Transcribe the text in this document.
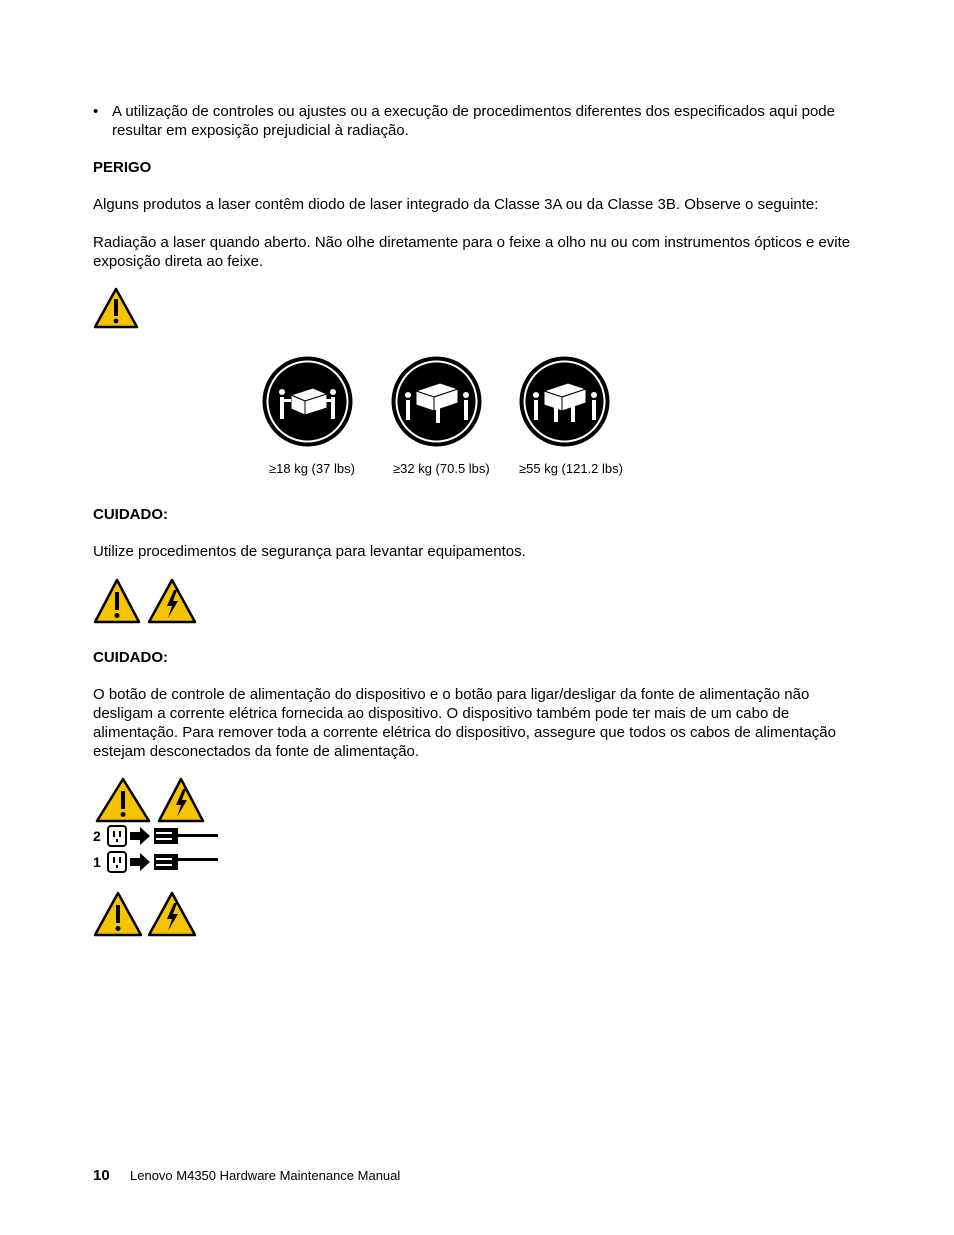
• A utilização de controles ou ajustes ou a execução de procedimentos diferentes dos especificados aqui pode resultar em exposição prejudicial à radiação.
PERIGO
Alguns produtos a laser contêm diodo de laser integrado da Classe 3A ou da Classe 3B. Observe o seguinte:
Radiação a laser quando aberto. Não olhe diretamente para o feixe a olho nu ou com instrumentos ópticos e evite exposição direta ao feixe.
≥18 kg (37 lbs)	≥32 kg (70.5 lbs) ≥55 kg (121.2 lbs)
CUIDADO:
Utilize procedimentos de segurança para levantar equipamentos.
CUIDADO:
O botão de controle de alimentação do dispositivo e o botão para ligar/desligar da fonte de alimentação não desligam a corrente elétrica fornecida ao dispositivo. O dispositivo também pode ter mais de um cabo de alimentação. Para remover toda a corrente elétrica do dispositivo, assegure que todos os cabos de alimentação estejam desconectados da fonte de alimentação.
2
1
10 Lenovo M4350 Hardware Maintenance Manual
